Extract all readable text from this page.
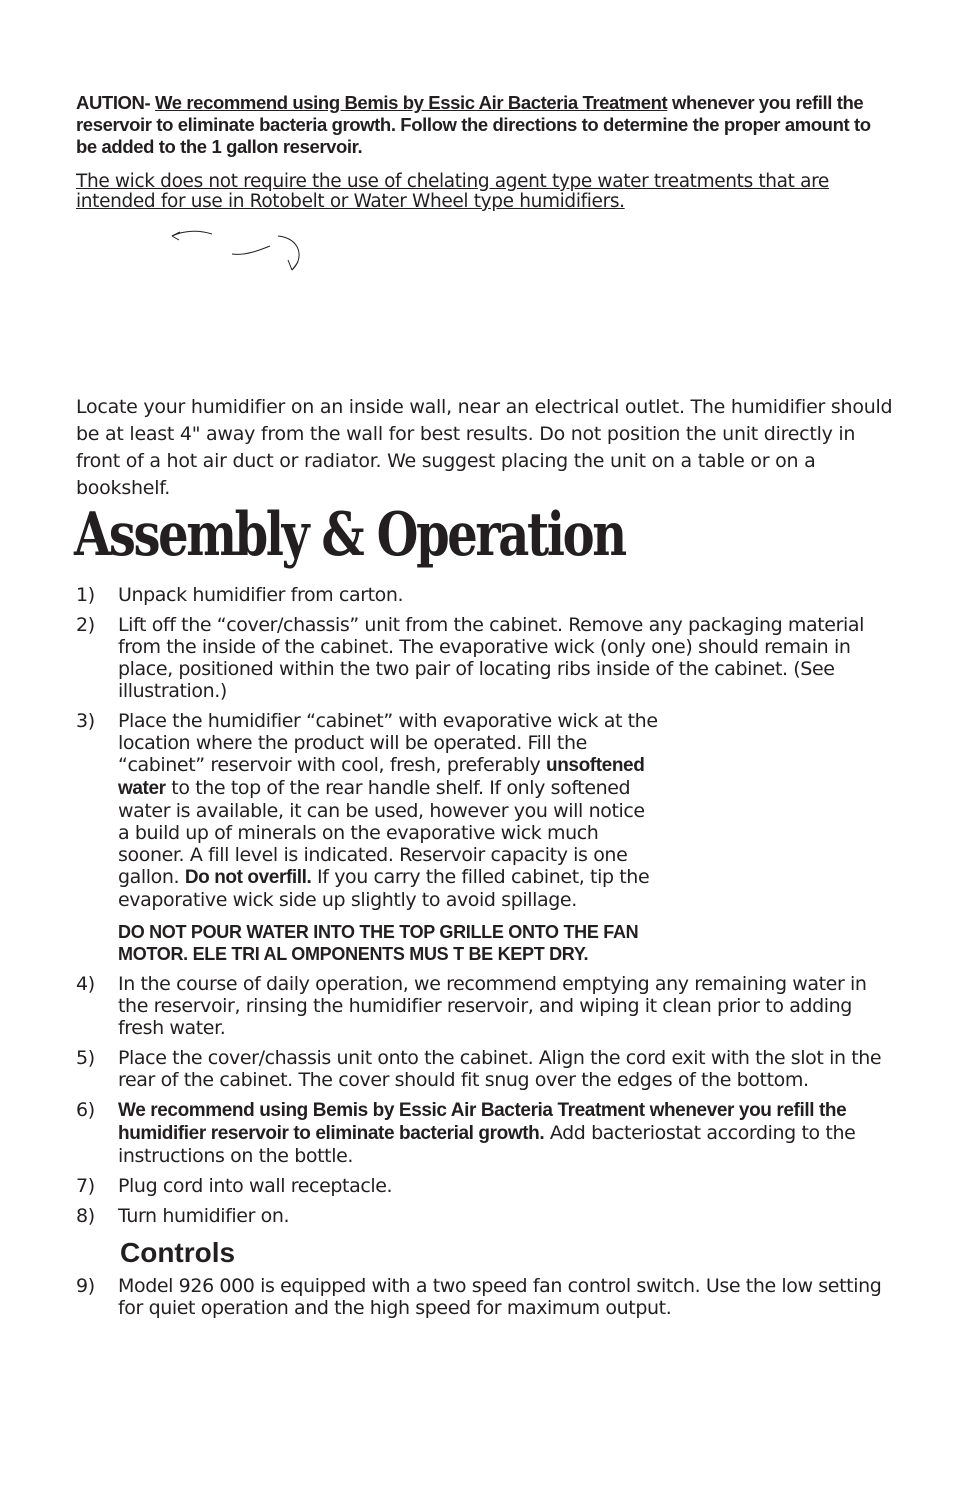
AUTION- We recommend using Bemis by Essic Air Bacteria Treatment whenever you refill the reservoir to eliminate bacteria growth. Follow the directions to determine the proper amount to be added to the 1 gallon reservoir.

The wick does not require the use of chelating agent type water treatments that are intended for use in Rotobelt or Water Wheel type humidifiers.

Locate your humidifier on an inside wall, near an electrical outlet. The humidifier should be at least 4" away from the wall for best results. Do not position the unit directly in front of a hot air duct or radiator. We suggest placing the unit on a table or on a bookshelf.

Assembly & Operation
1) Unpack humidifier from carton.
2) Lift off the “cover/chassis” unit from the cabinet. Remove any packaging material from the inside of the cabinet. The evaporative wick (only one) should remain in place, positioned within the two pair of locating ribs inside of the cabinet. (See illustration.)
3) Place the humidifier “cabinet” with evaporative wick at the location where the product will be operated. Fill the “cabinet” reservoir with cool, fresh, preferably unsoftened water to the top of the rear handle shelf. If only softened water is available, it can be used, however you will notice a build up of minerals on the evaporative wick much sooner. A fill level is indicated. Reservoir capacity is one gallon. Do not overfill. If you carry the filled cabinet, tip the evaporative wick side up slightly to avoid spillage.
DO NOT POUR WATER INTO THE TOP GRILLE ONTO THE FAN MOTOR. ELE TRI AL OMPONENTS MUS T BE KEPT DRY.
4) In the course of daily operation, we recommend emptying any remaining water in the reservoir, rinsing the humidifier reservoir, and wiping it clean prior to adding fresh water.
5) Place the cover/chassis unit onto the cabinet. Align the cord exit with the slot in the rear of the cabinet. The cover should fit snug over the edges of the bottom.
6) We recommend using Bemis by Essic Air Bacteria Treatment whenever you refill the humidifier reservoir to eliminate bacterial growth. Add bacteriostat according to the instructions on the bottle.
7) Plug cord into wall receptacle.
8) Turn humidifier on.
Controls
9) Model 926 000 is equipped with a two speed fan control switch. Use the low setting for quiet operation and the high speed for maximum output.
